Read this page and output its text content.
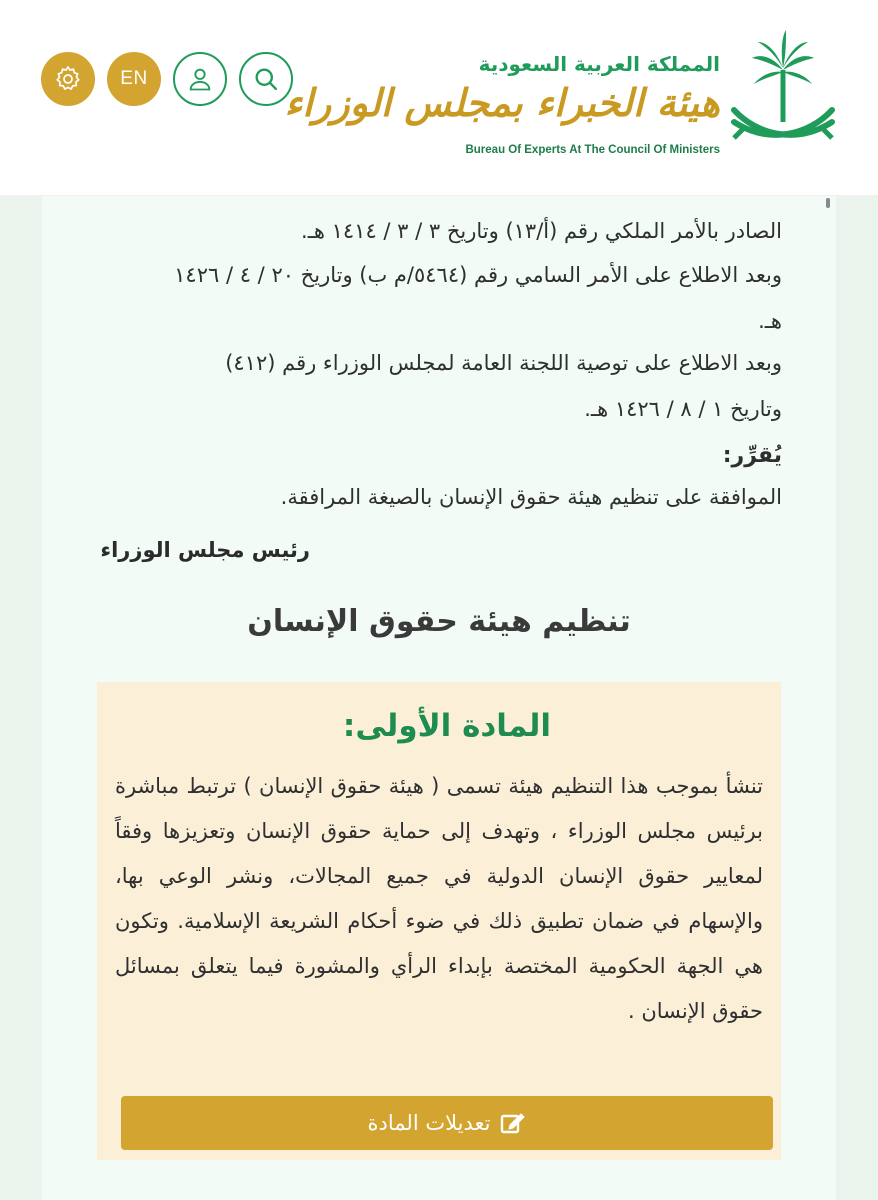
EN
المملكة العربية السعودية
هيئة الخبراء بمجلس الوزراء
Bureau Of Experts At The Council Of Ministers
الصادر بالأمر الملكي رقم (أ/١٣) وتاريخ ٣ / ٣ / ١٤١٤ هـ.
وبعد الاطلاع على الأمر السامي رقم (٥٤٦٤/م ب) وتاريخ ٢٠ / ٤ / ١٤٢٦
هـ.
وبعد الاطلاع على توصية اللجنة العامة لمجلس الوزراء رقم (٤١٢)
وتاريخ ١ / ٨ / ١٤٢٦ هـ.
يُقرِّر:
الموافقة على تنظيم هيئة حقوق الإنسان بالصيغة المرافقة.
رئيس مجلس الوزراء
تنظيم هيئة حقوق الإنسان
المادة الأولى:
تنشأ بموجب هذا التنظيم هيئة تسمى ( هيئة حقوق الإنسان ) ترتبط مباشرة برئيس مجلس الوزراء ، وتهدف إلى حماية حقوق الإنسان وتعزيزها وفقاً لمعايير حقوق الإنسان الدولية في جميع المجالات، ونشر الوعي بها، والإسهام في ضمان تطبيق ذلك في ضوء أحكام الشريعة الإسلامية. وتكون هي الجهة الحكومية المختصة بإبداء الرأي والمشورة فيما يتعلق بمسائل حقوق الإنسان .
تعديلات المادة
